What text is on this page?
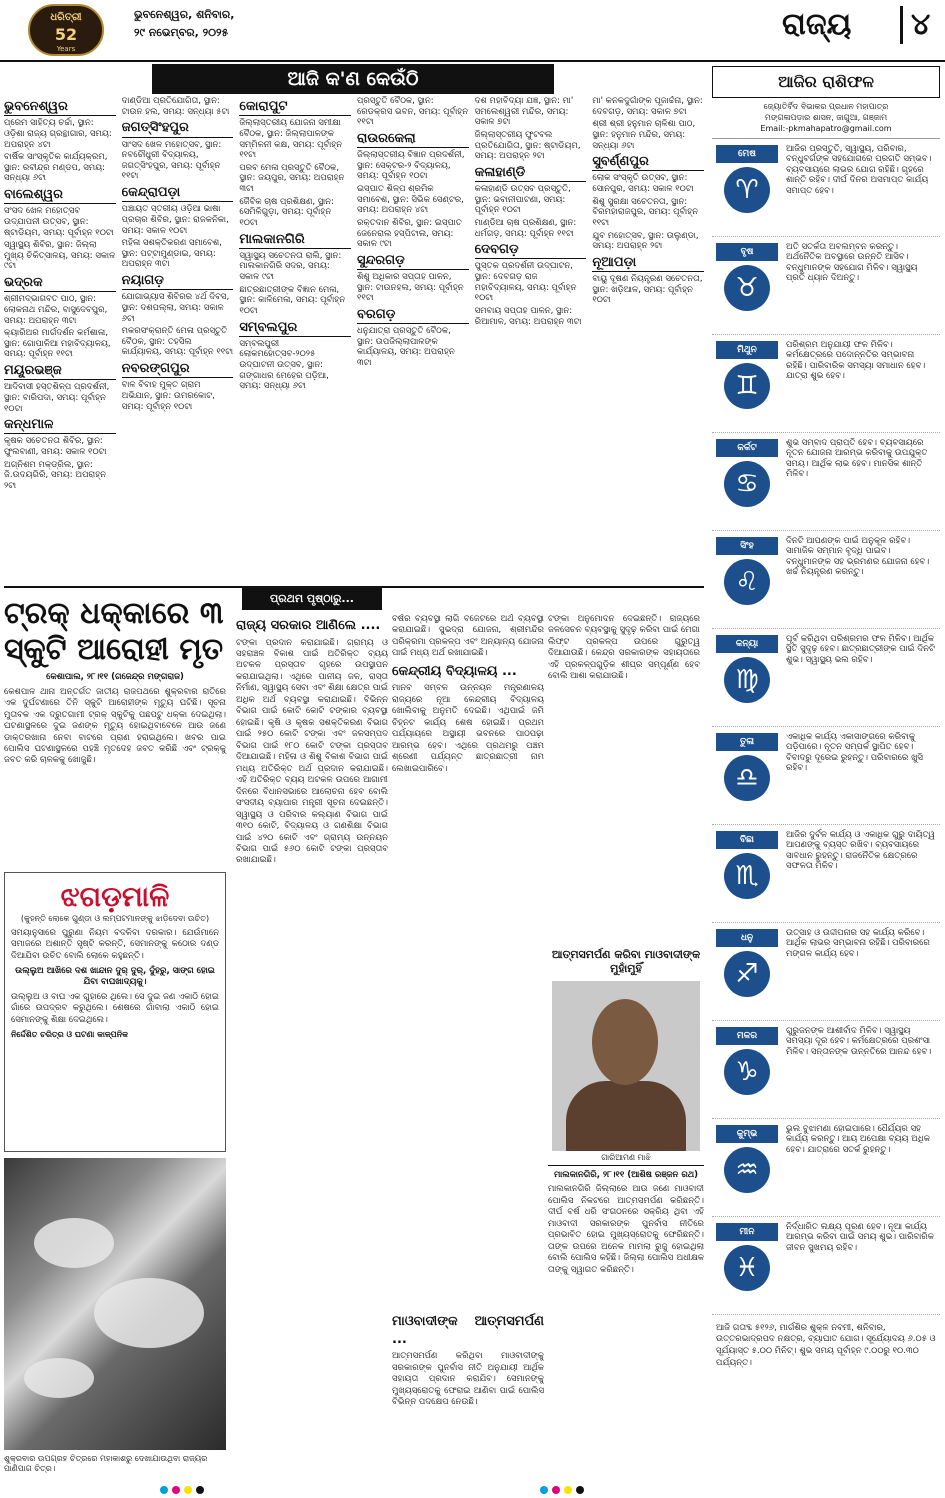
ଧରିତ୍ରୀ
52
Years
ଭୁବନେଶ୍ୱର, ଶନିବାର,
୨୯ ନଭେମ୍ବର, ୨୦୨୫	ରାଜ୍ୟ	୪
ଆଜି କ'ଣ କେଉଁଠି
ଭୁବନେଶ୍ୱର
ପ୍ରେମ ସାହିତ୍ୟ ଚର୍ଚ୍ଚା, ସ୍ଥାନ: ଓଡ଼ିଶା ରାଜ୍ୟ ଗ୍ରନ୍ଥାଗାର, ସମୟ: ଅପରାହ୍ନ ୪ଟା
ବାର୍ଷିକ ସାଂସ୍କୃତିକ କାର୍ଯ୍ୟକ୍ରମ, ସ୍ଥାନ: ରବୀନ୍ଦ୍ର ମଣ୍ଡପ, ସମୟ: ସନ୍ଧ୍ୟା ୬ଟା
ବାଲେଶ୍ୱର
ସଂସଦ ଖେଳ ମହୋତ୍ସବ ଉଦ୍‌ଯାପନୀ ଉତ୍ସବ, ସ୍ଥାନ: ଷ୍ଟାଡିୟମ, ସମୟ: ପୂର୍ବାହ୍ନ ୧୦ଟା
ସ୍ୱାସ୍ଥ୍ୟ ଶିବିର, ସ୍ଥାନ: ଜିଲ୍ଲା ମୁଖ୍ୟ ଚିକିତ୍ସାଳୟ, ସମୟ: ସକାଳ ୯ଟା
ଭଦ୍ରକ
ଶ୍ରୀମଦ୍ଭାଗବତ ପାଠ, ସ୍ଥାନ: ଲୋକନାଥ ମନ୍ଦିର, ବାସୁଦେବପୁର, ସମୟ: ଅପରାହ୍ନ ୩ଟା
କ୍ୟାରିଅର ମାର୍ଗଦର୍ଶନ କର୍ମଶାଳା, ସ୍ଥାନ: ଗୋପାଳିଆ ମହାବିଦ୍ୟାଳୟ, ସମୟ: ପୂର୍ବାହ୍ନ ୧୧ଟା
ମୟୂରଭଞ୍ଜ
ଆଦିବାସୀ ହସ୍ତଶିଳ୍ପ ପ୍ରଦର୍ଶନୀ, ସ୍ଥାନ: ବାରିପଦା, ସମୟ: ପୂର୍ବାହ୍ନ ୧୦ଟା
କନ୍ଧମାଳ
କୃଷକ ସଚେତନତା ଶିବିର, ସ୍ଥାନ: ଫୁଲବାଣୀ, ସମୟ: ସକାଳ ୧୦ଟା
ଅଗ୍ନିଶମ ମକ୍‌ଡ୍ରିଲ, ସ୍ଥାନ: ଜି.ଉଦୟଗିରି, ସମୟ: ଅପରାହ୍ନ ୨ଟା
ଦାଣ୍ଡିଆ ପ୍ରତିଯୋଗିତା, ସ୍ଥାନ: ଟାଉନ ହଲ, ସମୟ: ସନ୍ଧ୍ୟା ୫ଟା
ଜଗତ୍‌ସିଂହପୁର
ସାଂସଦ ଖେଳ ମହୋତ୍ସବ, ସ୍ଥାନ: ନବଚୌଧୁରୀ ବିଦ୍ୟାଳୟ, ଜଗତ୍‌ସିଂହପୁର, ସମୟ: ପୂର୍ବାହ୍ନ ୧୧ଟା
କେନ୍ଦ୍ରାପଡ଼ା
ପଞ୍ଚାୟତ ସ୍ତରୀୟ ଓଡ଼ିଆ ଭାଷା ପ୍ରଚାର ଶିବିର, ସ୍ଥାନ: ରାଜକନିକା, ସମୟ: ସକାଳ ୧୦ଟା
ମହିଳା ସଶକ୍ତିକରଣ ସମାବେଶ, ସ୍ଥାନ: ପଟ୍ଟାମୁଣ୍ଡାଇ, ସମୟ: ଅପରାହ୍ନ ୩ଟା
ନୟାଗଡ଼
ଯୋଗାଭ୍ୟାସ ଶିବିରର ୪ର୍ଥ ଦିବସ, ସ୍ଥାନ: ଦଶପଲ୍ଲା, ସମୟ: ସକାଳ ୬ଟା
ମକରସଂକ୍ରାନ୍ତି ମେଳା ପ୍ରସ୍ତୁତି ବୈଠକ, ସ୍ଥାନ: ତହସିଲ କାର୍ଯ୍ୟାଳୟ, ସମୟ: ପୂର୍ବାହ୍ନ ୧୧ଟା
ନବରଙ୍ଗପୁର
ବାଳ ବିବାହ ମୁକ୍ତ ଗ୍ରାମ ଅଭିଯାନ, ସ୍ଥାନ: ଉମରକୋଟ, ସମୟ: ପୂର୍ବାହ୍ନ ୧୦ଟା
କୋରାପୁଟ
ଜିଲ୍ଲାସ୍ତରୀୟ ଯୋଜନା ସମୀକ୍ଷା ବୈଠକ, ସ୍ଥାନ: ଜିଲ୍ଲାପାଳଙ୍କ ସମ୍ମିଳନୀ କକ୍ଷ, ସମୟ: ପୂର୍ବାହ୍ନ ୧୧ଟା
ପରବ ମେଳା ପ୍ରସ୍ତୁତି ବୈଠକ, ସ୍ଥାନ: ଜୟପୁର, ସମୟ: ଅପରାହ୍ନ ୩ଟା
ଜୈବିକ ଚାଷ ପ୍ରଶିକ୍ଷଣ, ସ୍ଥାନ: ସେମିଳିଗୁଡ଼ା, ସମୟ: ପୂର୍ବାହ୍ନ ୧୦ଟା
ମାଲକାନଗିରି
ସ୍ୱାସ୍ଥ୍ୟ ସଚେତନତା ରାଲି, ସ୍ଥାନ: ମାଲକାନଗିରି ସଦର, ସମୟ: ସକାଳ ୯ଟା
ଛାତ୍ରଛାତ୍ରୀଙ୍କ ବିଜ୍ଞାନ ମେଳା, ସ୍ଥାନ: କାଳିମେଳା, ସମୟ: ପୂର୍ବାହ୍ନ ୧୦ଟା
ସମ୍ବଲପୁର
ସମ୍ବଲପୁରୀ ଲୋକମହୋତ୍ସବ-୨୦୨୫ ଉଦ୍‌ଘାଟନୀ ଉତ୍ସବ, ସ୍ଥାନ: ଗଙ୍ଗାଧର ମେହେର ପଡ଼ିଆ, ସମୟ: ସନ୍ଧ୍ୟା ୬ଟା
ପ୍ରସ୍ତୁତି ବୈଠକ, ସ୍ଥାନ: ରେଡକ୍ରସ ଭବନ, ସମୟ: ପୂର୍ବାହ୍ନ ୧୧ଟା
ରାଉରକେଲା
ଜିଲ୍ଲାସ୍ତରୀୟ ବିଜ୍ଞାନ ପ୍ରଦର୍ଶନୀ, ସ୍ଥାନ: ସେକ୍ଟର-୨ ବିଦ୍ୟାଳୟ, ସମୟ: ପୂର୍ବାହ୍ନ ୧୦ଟା
ଇସ୍ପାତ ଶିଳ୍ପ ଶ୍ରମିକ ସମାବେଶ, ସ୍ଥାନ: ସିଭିକ ସେଣ୍ଟର, ସମୟ: ଅପରାହ୍ନ ୪ଟା
ରକ୍ତଦାନ ଶିବିର, ସ୍ଥାନ: ଇସ୍ପାତ ଜେନେରାଲ ହସ୍ପିଟାଲ, ସମୟ: ସକାଳ ୯ଟା
ସୁନ୍ଦରଗଡ଼
ଶିଶୁ ଅଧିକାର ସପ୍ତାହ ପାଳନ, ସ୍ଥାନ: ଟାଉନହଲ, ସମୟ: ପୂର୍ବାହ୍ନ ୧୧ଟା
ବରଗଡ଼
ଧନୁଯାତ୍ରା ପ୍ରସ୍ତୁତି ବୈଠକ, ସ୍ଥାନ: ଉପଜିଲ୍ଲାପାଳଙ୍କ କାର୍ଯ୍ୟାଳୟ, ସମୟ: ଅପରାହ୍ନ ୩ଟା
ଦଶ ମହାବିଦ୍ୟା ଯଜ୍ଞ, ସ୍ଥାନ: ମା' ସମଲେଶ୍ୱରୀ ମନ୍ଦିର, ସମୟ: ସକାଳ ୭ଟା
ଜିଲ୍ଲାସ୍ତରୀୟ ଫୁଟବଲ ପ୍ରତିଯୋଗିତା, ସ୍ଥାନ: ଷ୍ଟାଡିୟମ, ସମୟ: ଅପରାହ୍ନ ୨ଟା
କଳାହାଣ୍ଡି
କଳାହାଣ୍ଡି ଉତ୍ସବ ପ୍ରସ୍ତୁତି, ସ୍ଥାନ: ଭବାନୀପାଟଣା, ସମୟ: ପୂର୍ବାହ୍ନ ୧୦ଟା
ମାଣ୍ଡିଆ ଚାଷ ପ୍ରଶିକ୍ଷଣ, ସ୍ଥାନ: ଧର୍ମଗଡ଼, ସମୟ: ପୂର୍ବାହ୍ନ ୧୧ଟା
ଦେବଗଡ଼
ପୁସ୍ତକ ପ୍ରଦର୍ଶନୀ ଉଦ୍‌ଘାଟନ, ସ୍ଥାନ: ଦେବଗଡ଼ ରାଜ ମହାବିଦ୍ୟାଳୟ, ସମୟ: ପୂର୍ବାହ୍ନ ୧୦ଟା
ସମବାୟ ସପ୍ତାହ ପାଳନ, ସ୍ଥାନ: ରିଆମାଳ, ସମୟ: ଅପରାହ୍ନ ୩ଟା
ମା' କନକଦୁର୍ଗାଙ୍କ ପୂଜାର୍ଚ୍ଚନା, ସ୍ଥାନ: ଦେବଗଡ଼, ସମୟ: ସକାଳ ୭ଟା
ଶ୍ରୀ ଶ୍ରୀ ହନୁମାନ ଚାଳିଶା ପାଠ, ସ୍ଥାନ: ହନୁମାନ ମନ୍ଦିର, ସମୟ: ସନ୍ଧ୍ୟା ୬ଟା
ସୁବର୍ଣ୍ଣପୁର
ଲୋକ ସଂସ୍କୃତି ଉତ୍ସବ, ସ୍ଥାନ: ସୋନପୁର, ସମୟ: ସକାଳ ୧୦ଟା
ଶିଶୁ ସୁରକ୍ଷା ସଚେତନତା, ସ୍ଥାନ: ବିରମହାରାଜପୁର, ସମୟ: ପୂର୍ବାହ୍ନ ୧୧ଟା
ଯୁବ ମହୋତ୍ସବ, ସ୍ଥାନ: ଉଲୁଣ୍ଡା, ସମୟ: ଅପରାହ୍ନ ୨ଟା
ନୂଆପଡ଼ା
ବାୟୁ ଦୂଷଣ ନିୟନ୍ତ୍ରଣ ସଚେତନତା, ସ୍ଥାନ: ଖଡ଼ିଆଳ, ସମୟ: ପୂର୍ବାହ୍ନ ୧୦ଟା
ଆଜିର ରାଶିଫଳ
ଜ୍ୟୋତିର୍ବିଦ ବିଭାକର ପ୍ରଧାନ ମହାପାତ୍ର
ମଙ୍ଗଳାପଡ଼ାର ଶାସନ, ଜାଗୁଆ, ଗଞ୍ଜାମ
Email:-pkmahapatro@gmail.com
ମେଷ
♈
ଆଜିର ପ୍ରସ୍ତୁତି, ସ୍ୱାସ୍ଥ୍ୟ, ପରିବାର, ବନ୍ଧୁବର୍ଗଙ୍କ ସହଯୋଗରେ ପ୍ରଗତି ସମ୍ଭବ। ବ୍ୟବସାୟରେ ଲାଭର ଯୋଗ ରହିଛି। ଗୃହରେ ଶାନ୍ତି ରହିବ। ଦୀର୍ଘ ଦିନର ଅସମାପ୍ତ କାର୍ଯ୍ୟ ସମାପ୍ତ ହେବ।
ବୃଷ
♉
ଅତି ସତର୍କତା ଅବଲମ୍ବନ କରନ୍ତୁ। ଅର୍ଥନୈତିକ ଅବସ୍ଥାରେ ଉନ୍ନତି ଆସିବ। ବନ୍ଧୁମାନଙ୍କ ସହଯୋଗ ମିଳିବ। ସ୍ୱାସ୍ଥ୍ୟ ପ୍ରତି ଧ୍ୟାନ ଦିଅନ୍ତୁ।
ମିଥୁନ
♊
ପରିଶ୍ରମ ଅନୁଯାୟୀ ଫଳ ମିଳିବ। କର୍ମକ୍ଷେତ୍ରରେ ପଦୋନ୍ନତିର ସମ୍ଭାବନା ରହିଛି। ପାରିବାରିକ ସମସ୍ୟା ସମାଧାନ ହେବ। ଯାତ୍ରା ଶୁଭ ହେବ।
କର୍କଟ
♋
ଶୁଭ ସମ୍ବାଦ ପ୍ରାପ୍ତି ହେବ। ବ୍ୟବସାୟରେ ନୂତନ ଯୋଜନା ଆରମ୍ଭ କରିବାକୁ ଉପଯୁକ୍ତ ସମୟ। ଆର୍ଥିକ ଲାଭ ହେବ। ମାନସିକ ଶାନ୍ତି ମିଳିବ।
ସିଂହ
♌
ଦିନଟି ଆପଣଙ୍କ ପାଇଁ ଅନୁକୂଳ ରହିବ। ସାମାଜିକ ସମ୍ମାନ ବୃଦ୍ଧି ପାଇବ। ବନ୍ଧୁମାନଙ୍କ ସହ ଭ୍ରମଣର ଯୋଜନା ହେବ। ଖର୍ଚ୍ଚ ନିୟନ୍ତ୍ରଣ କରନ୍ତୁ।
କନ୍ୟା
♍
ପୂର୍ବ କରିଥିବା ପରିଶ୍ରମର ଫଳ ମିଳିବ। ଆର୍ଥିକ ସ୍ଥିତି ସୁଦୃଢ଼ ହେବ। ଛାତ୍ରଛାତ୍ରୀଙ୍କ ପାଇଁ ଦିନଟି ଶୁଭ। ସ୍ୱାସ୍ଥ୍ୟ ଭଲ ରହିବ।
ତୁଳା
♎
ଏକାଧିକ କାର୍ଯ୍ୟ ଏକାସାଙ୍ଗରେ କରିବାକୁ ପଡ଼ିପାରେ। ନୂତନ ସମ୍ପର୍କ ସ୍ଥାପିତ ହେବ। ବିବାଦରୁ ଦୂରେଇ ରୁହନ୍ତୁ। ପରିବାରରେ ଖୁସି ରହିବ।
ବିଛା
♏
ଆଜିର ଦୁର୍ବଳ କାର୍ଯ୍ୟ ଓ ଏକାଧିକ ଗୁରୁ ଦାୟିତ୍ୱ ଆପଣଙ୍କୁ ବ୍ୟସ୍ତ ରଖିବ। ବ୍ୟବସାୟରେ ସାବଧାନ ରୁହନ୍ତୁ। ରାଜନୈତିକ କ୍ଷେତ୍ରରେ ସଫଳତା ମିଳିବ।
ଧନୁ
♐
ଉତ୍ସାହ ଓ ଉଦ୍ଦୀପନାର ସହ କାର୍ଯ୍ୟ କରିବେ। ଆର୍ଥିକ ଲାଭର ସମ୍ଭାବନା ରହିଛି। ପରିବାରରେ ମଙ୍ଗଳ କାର୍ଯ୍ୟ ହେବ।
ମକର
♑
ଗୁରୁଜନଙ୍କ ଆଶୀର୍ବାଦ ମିଳିବ। ସ୍ୱାସ୍ଥ୍ୟ ସମସ୍ୟା ଦୂର ହେବ। କର୍ମକ୍ଷେତ୍ରରେ ପ୍ରଶଂସା ମିଳିବ। ସନ୍ତାନଙ୍କ ଉନ୍ନତିରେ ଆନନ୍ଦ ହେବ।
କୁମ୍ଭ
♒
ଭୁଲ ବୁଝାମଣା ହୋଇପାରେ। ଧୈର୍ଯ୍ୟର ସହ କାର୍ଯ୍ୟ କରନ୍ତୁ। ଆୟ ଅପେକ୍ଷା ବ୍ୟୟ ଅଧିକ ହେବ। ଯାତ୍ରାରେ ସତର୍କ ରୁହନ୍ତୁ।
ମୀନ
♓
ନିର୍ଦ୍ଧାରିତ ଲକ୍ଷ୍ୟ ପୂରଣ ହେବ। ନୂଆ କାର୍ଯ୍ୟ ଆରମ୍ଭ କରିବା ପାଇଁ ସମୟ ଶୁଭ। ପାରିବାରିକ ଜୀବନ ସୁଖମୟ ରହିବ।
ଆଜି ଗତାବ୍ଦ ୫୧୨୬, ମାର୍ଗଶିର ଶୁକ୍ଳ ନବମୀ, ଶନିବାର, ଉତ୍ତରଭାଦ୍ରପଦ ନକ୍ଷତ୍ର, ବ୍ୟାଘାତ ଯୋଗ। ସୂର୍ଯ୍ୟୋଦୟ ୬.୦୫ ଓ ସୂର୍ଯ୍ୟାସ୍ତ ୫.୦୦ ମିନିଟ୍। ଶୁଭ ସମୟ ପୂର୍ବାହ୍ନ ୯.୦୦ରୁ ୧୦.୩୦ ପର୍ଯ୍ୟନ୍ତ।
ଟ୍ରକ୍ ଧକ୍କାରେ ୩ ସ୍କୁଟି ଆରୋହୀ ମୃତ
କେଶାପାଲ, ୨୮।୧୧ (ଗଜେନ୍ଦ୍ର ମଙ୍ଗରାଜ)
କେଶପାଳ ଥାନା ଅନ୍ତର୍ଗତ ଜାତୀୟ ରାଜପଥରେ ଶୁକ୍ରବାର ରାତିରେ ଏକ ଦୁର୍ଘଟଣାରେ ତିନି ସ୍କୁଟି ଆରୋହୀଙ୍କ ମୃତ୍ୟୁ ଘଟିଛି। ସୂଚନା ମୁତାବକ ଏକ ଦ୍ରୁତଗାମୀ ଟ୍ରକ୍ ସ୍କୁଟିକୁ ପଛପଟୁ ଧକ୍କା ଦେଇଥିଲା। ଘଟଣାସ୍ଥଳରେ ଦୁଇ ଜଣଙ୍କ ମୃତ୍ୟୁ ହୋଇଥିବାବେଳେ ଆଉ ଜଣେ ଡାକ୍ତରଖାନା ନେବା ବାଟରେ ପ୍ରାଣ ହରାଇଥିଲେ। ଖବର ପାଇ ପୋଲିସ ଘଟଣାସ୍ଥଳରେ ପହଞ୍ଚି ମୃତଦେହ ଜବତ କରିଛି ଏବଂ ଟ୍ରକ୍‌କୁ ଜବତ କରି ଚାଳକକୁ ଖୋଜୁଛି।
ଝଗଡ଼ମାଳି
(କୁହନ୍ତି ଲୋକେ ଗୁଣ୍ଡା ଓ ଲମ୍ପଟମାନଙ୍କୁ ଝାଡ଼ିଦେବା ଉଚିତ)
ସମୟାନୁସାରେ ପୁରୁଣା ନିୟମ ବଦଳିବା ଦରକାର। ଯେଉଁମାନେ ସମାଜରେ ଅଶାନ୍ତି ସୃଷ୍ଟି କରନ୍ତି, ସେମାନଙ୍କୁ କଠୋର ଦଣ୍ଡ ଦିଆଯିବା ଉଚିତ ବୋଲି ଲୋକେ କହୁଛନ୍ତି।
ଉଲ୍ଲୁଅ ଆଖିରେ ଦଶ ଖାନ୍ଦାନ ଦୁର୍ ଦୁର୍, ଦୁଁହରୁ, ସାଙ୍ଗ ହୋଇ ଯିବା ବାଘଖାଦ୍ୟକୁ।
ଉଲ୍ଲୁଅ ଓ ବାଘ ଏକ ଗୁହାରେ ଥିଲେ। ସେ ଦୁଇ ଜଣ ଏକାଠି ହୋଇ ଗାଁରେ ଉପଦ୍ରବ କରୁଥିଲେ। ଶେଷରେ ଗାଁବାଲା ଏକାଠି ହୋଇ ସେମାନଙ୍କୁ ଶିକ୍ଷା ଦେଇଥିଲେ।
ନିର୍ଦ୍ଦେଶିତ ଚରିତ୍ର ଓ ଘଟଣା କାଳ୍ପନିକ
ଶୁକ୍ରବାର ଉପଗ୍ରହ ଚିତ୍ରରେ ମହାକାଶରୁ ଦେଖାଯାଉଥିବା ରାଜ୍ୟର ପାଣିପାଗ ଚିତ୍ର।
ପ୍ରଥମ ପୃଷ୍ଠାରୁ...
ରାଜ୍ୟ ସରକାର ଆଣିଲେ ....
ଟଙ୍କା ପ୍ରଦାନ କରାଯାଇଛି। ଗ୍ରାମ୍ୟ ଓ ସହରାଞ୍ଚଳ ବିକାଶ ପାଇଁ ଅତିରିକ୍ତ ବ୍ୟୟ ଅଟକଳ ପ୍ରସ୍ତାବ ଗୃହରେ ଉପସ୍ଥାପନ କରାଯାଇଥିଲା। ଏଥିରେ ପାନୀୟ ଜଳ, ରାସ୍ତା ନିର୍ମାଣ, ସ୍ୱାସ୍ଥ୍ୟ ସେବା ଏବଂ ଶିକ୍ଷା କ୍ଷେତ୍ର ପାଇଁ ଅଧିକ ଅର୍ଥ ବ୍ୟବସ୍ଥା କରାଯାଇଛି। ବିଭିନ୍ନ ବିଭାଗ ପାଇଁ କୋଟି କୋଟି ଟଙ୍କାର ବ୍ୟବସ୍ଥା ହୋଇଛି। କୃଷି ଓ କୃଷକ ସଶକ୍ତିକରଣ ବିଭାଗ ପାଇଁ ୨୫୦ କୋଟି ଟଙ୍କା ଏବଂ ଜଳସମ୍ପଦ ବିଭାଗ ପାଇଁ ୧୮୦ କୋଟି ଟଙ୍କା ପ୍ରସ୍ତାବ ଦିଆଯାଇଛି। ମହିଳା ଓ ଶିଶୁ ବିକାଶ ବିଭାଗ ପାଇଁ ମଧ୍ୟ ଅତିରିକ୍ତ ଅର୍ଥ ପ୍ରଦାନ କରାଯାଇଛି। ଏହି ଅତିରିକ୍ତ ବ୍ୟୟ ଅଟକଳ ଉପରେ ଆଗାମୀ ଦିନରେ ବିଧାନସଭାରେ ଆଲୋଚନା ହେବ ବୋଲି ସଂସଦୀୟ ବ୍ୟାପାର ମନ୍ତ୍ରୀ ସୂଚନା ଦେଇଛନ୍ତି। ସ୍ୱାସ୍ଥ୍ୟ ଓ ପରିବାର କଲ୍ୟାଣ ବିଭାଗ ପାଇଁ ୩୧୦ କୋଟି, ବିଦ୍ୟାଳୟ ଓ ଗଣଶିକ୍ଷା ବିଭାଗ ପାଇଁ ୪୨୦ କୋଟି ଏବଂ ଗ୍ରାମ୍ୟ ଉନ୍ନୟନ ବିଭାଗ ପାଇଁ ୫୬୦ କୋଟି ଟଙ୍କା ପ୍ରସ୍ତାବ ରଖାଯାଇଛି।
ବର୍ଷର ବ୍ୟବସ୍ଥା ଲାଗି ବଜେଟରେ ଅର୍ଥ ବ୍ୟବସ୍ଥା କରାଯାଇଛି। ସୁଭଦ୍ରା ଯୋଜନା, ଶ୍ରୀମନ୍ଦିର ପରିକ୍ରମା ପ୍ରକଳ୍ପ ଏବଂ ଅନ୍ୟାନ୍ୟ ଯୋଜନା ପାଇଁ ମଧ୍ୟ ଅର୍ଥ ରଖାଯାଇଛି।
କେନ୍ଦ୍ରୀୟ ବିଦ୍ୟାଳୟ ...
ମାନବ ସମ୍ବଳ ଉନ୍ନୟନ ମନ୍ତ୍ରଣାଳୟ ରାଜ୍ୟରେ ନୂଆ କେନ୍ଦ୍ରୀୟ ବିଦ୍ୟାଳୟ ଖୋଲିବାକୁ ଅନୁମତି ଦେଇଛି। ଏଥିପାଇଁ ଜମି ଚିହ୍ନଟ କାର୍ଯ୍ୟ ଶେଷ ହୋଇଛି। ପ୍ରଥମ ପର୍ଯ୍ୟାୟରେ ଅସ୍ଥାୟୀ ଭବନରେ ପାଠପଢ଼ା ଆରମ୍ଭ ହେବ। ଏଥିରେ ପ୍ରଥମରୁ ପଞ୍ଚମ ଶ୍ରେଣୀ ପର୍ଯ୍ୟନ୍ତ ଛାତ୍ରଛାତ୍ରୀ ନାମ ଲେଖାଇପାରିବେ।
ଟଙ୍କା ଅନୁମୋଦନ ଦେଇଛନ୍ତି। ରାଜ୍ୟରେ ଜଳସେଚନ ବ୍ୟବସ୍ଥାକୁ ସୁଦୃଢ଼ କରିବା ପାଇଁ ମେଗା ଲିଫ୍ଟ ପ୍ରକଳ୍ପ ଉପରେ ଗୁରୁତ୍ୱ ଦିଆଯାଉଛି। କେନ୍ଦ୍ର ସରକାରଙ୍କ ସହାୟତାରେ ଏହି ପ୍ରକଳ୍ପଗୁଡ଼ିକ ଶୀଘ୍ର ସମ୍ପୂର୍ଣ୍ଣ ହେବ ବୋଲି ଆଶା କରାଯାଉଛି।
ମାଓବାଦୀଙ୍କ ଆତ୍ମସମର୍ପଣ ...
ଆତ୍ମସମର୍ପଣ କରିଥିବା ମାଓବାଦୀଙ୍କୁ ସରକାରଙ୍କ ପୁନର୍ବାସ ନୀତି ଅନୁଯାୟୀ ଆର୍ଥିକ ସହାୟତା ପ୍ରଦାନ କରାଯିବ। ସେମାନଙ୍କୁ ମୁଖ୍ୟସ୍ରୋତକୁ ଫେରାଇ ଆଣିବା ପାଇଁ ପୋଲିସ ବିଭିନ୍ନ ପଦକ୍ଷେପ ନେଉଛି।
ଆତ୍ମସମର୍ପଣ କରିବା ମାଓବାଦୀଙ୍କ ମୁହାଁମୁହିଁ
ଗାରିଆମଣ ମାଝି
ମାଲକାନଗିରି, ୨୮।୧୧ (ଆଶିଷ ରଞ୍ଜନ ରଥ)
ମାଲକାନଗିରି ଜିଲ୍ଲାରେ ଆଉ ଜଣେ ମାଓବାଦୀ ପୋଲିସ ନିକଟରେ ଆତ୍ମସମର୍ପଣ କରିଛନ୍ତି। ଦୀର୍ଘ ବର୍ଷ ଧରି ସଂଗଠନରେ ସକ୍ରିୟ ଥିବା ଏହି ମାଓବାଦୀ ସରକାରଙ୍କ ପୁନର୍ବାସ ନୀତିରେ ପ୍ରଭାବିତ ହୋଇ ମୁଖ୍ୟସ୍ରୋତକୁ ଫେରିଛନ୍ତି। ତାଙ୍କ ଉପରେ ଅନେକ ମାମଲା ରୁଜୁ ହୋଇଥିଲା ବୋଲି ପୋଲିସ କହିଛି। ଜିଲ୍ଲା ପୋଲିସ ଅଧୀକ୍ଷକ ତାଙ୍କୁ ସ୍ୱାଗତ କରିଛନ୍ତି।
